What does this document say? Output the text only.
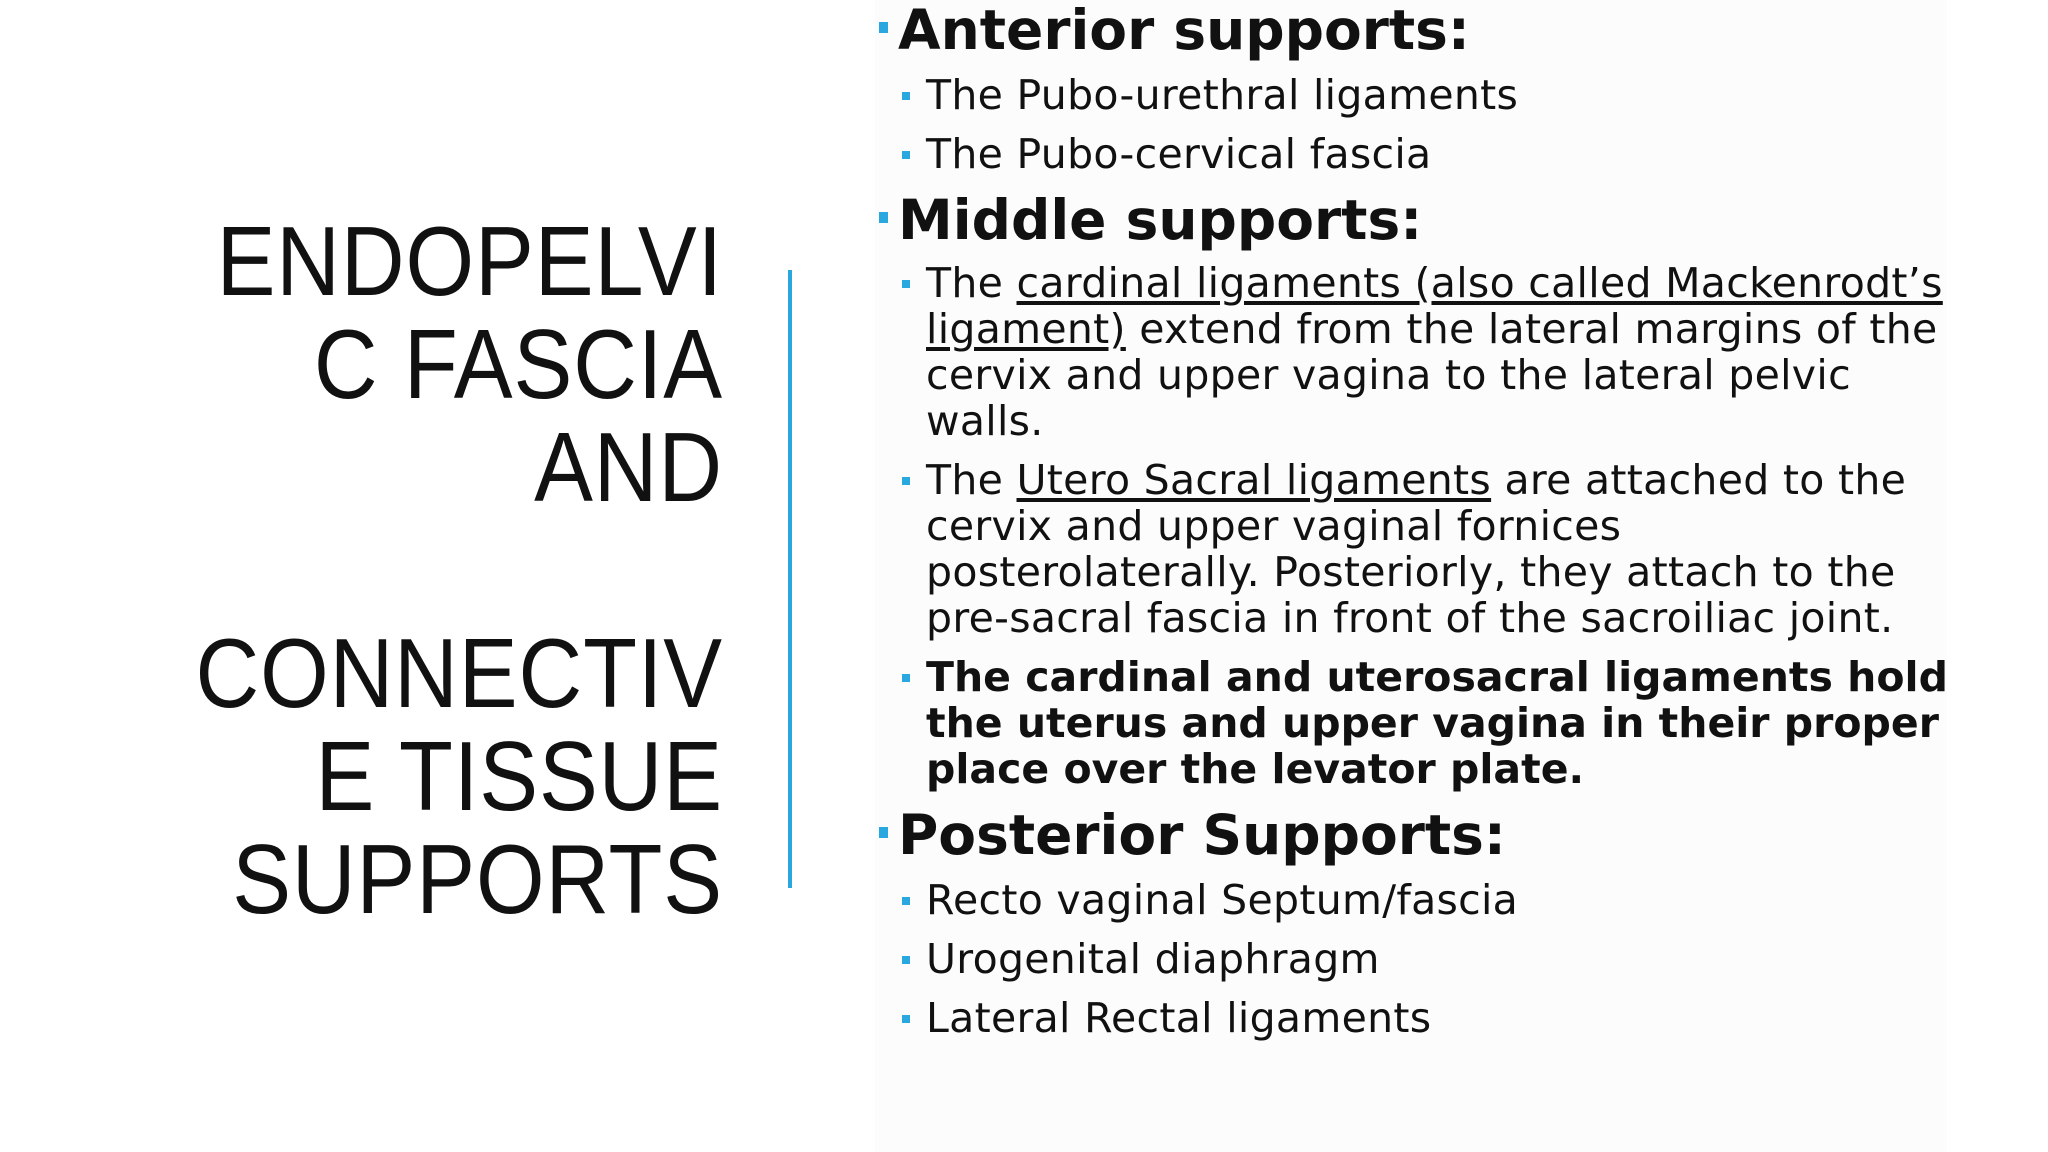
ENDOPELVI
C FASCIA
AND
CONNECTIV
E TISSUE
SUPPORTS
Anterior supports:
The Pubo-urethral ligaments
The Pubo-cervical fascia
Middle supports:
The cardinal ligaments (also called Mackenrodt’s ligament) extend from the lateral margins of the cervix and upper vagina to the lateral pelvic walls.
The Utero Sacral ligaments are attached to the cervix and upper vaginal fornices posterolaterally. Posteriorly, they attach to the pre-sacral fascia in front of the sacroiliac joint.
The cardinal and uterosacral ligaments hold the uterus and upper vagina in their proper place over the levator plate.
Posterior Supports:
Recto vaginal Septum/fascia
Urogenital diaphragm
Lateral Rectal ligaments
